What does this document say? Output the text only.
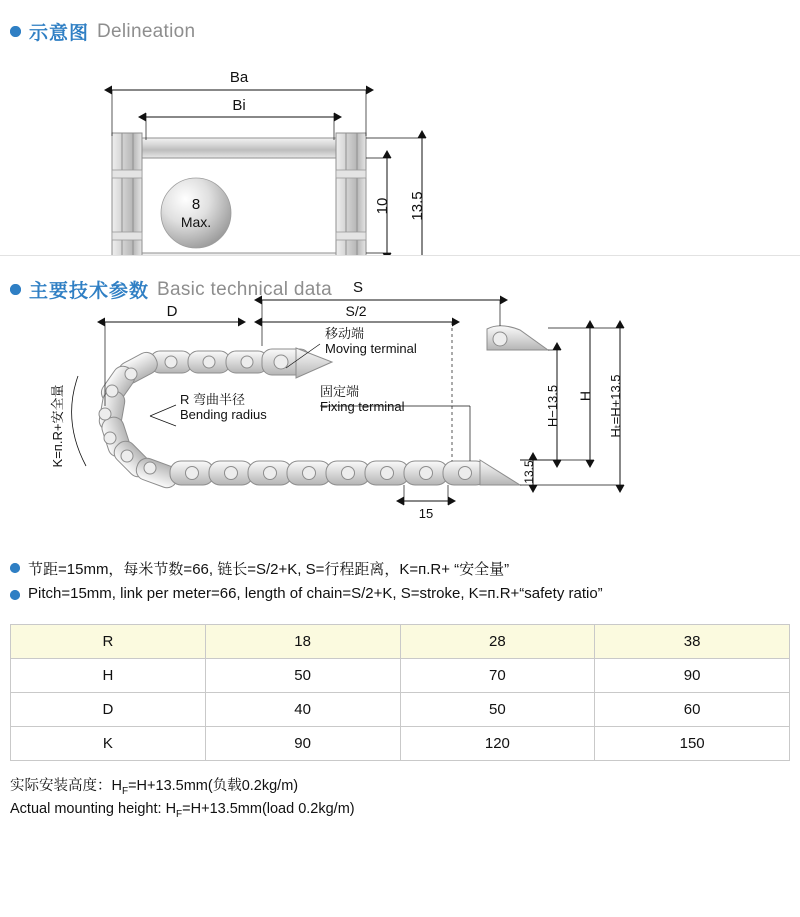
示意图 Delineation
8
Max.
Ba
Bi
10 13.5
主要技术参数 Basic technical data S
S/2
D
K=п.R+安全量	R 弯曲半径
Bending radius
移动端
Moving terminal
固定端
Fixing terminal
15
13.5
H−13.5 H Hₜ=H+13.5
节距=15mm，每米节数=66, 链长=S/2+K, S=行程距离，K=п.R+ “安全量”
Pitch=15mm, link per meter=66, length of chain=S/2+K, S=stroke, K=п.R+“safety ratio”
R	18	28	38
H	50	70	90
D	40	50	60
K	90	120	150
实际安装高度：$H_F=H+13.5mm$(负载0.2kg/m)
Actual mounting height: $H_F=H+13.5mm(load$ 0.2kg/m)
